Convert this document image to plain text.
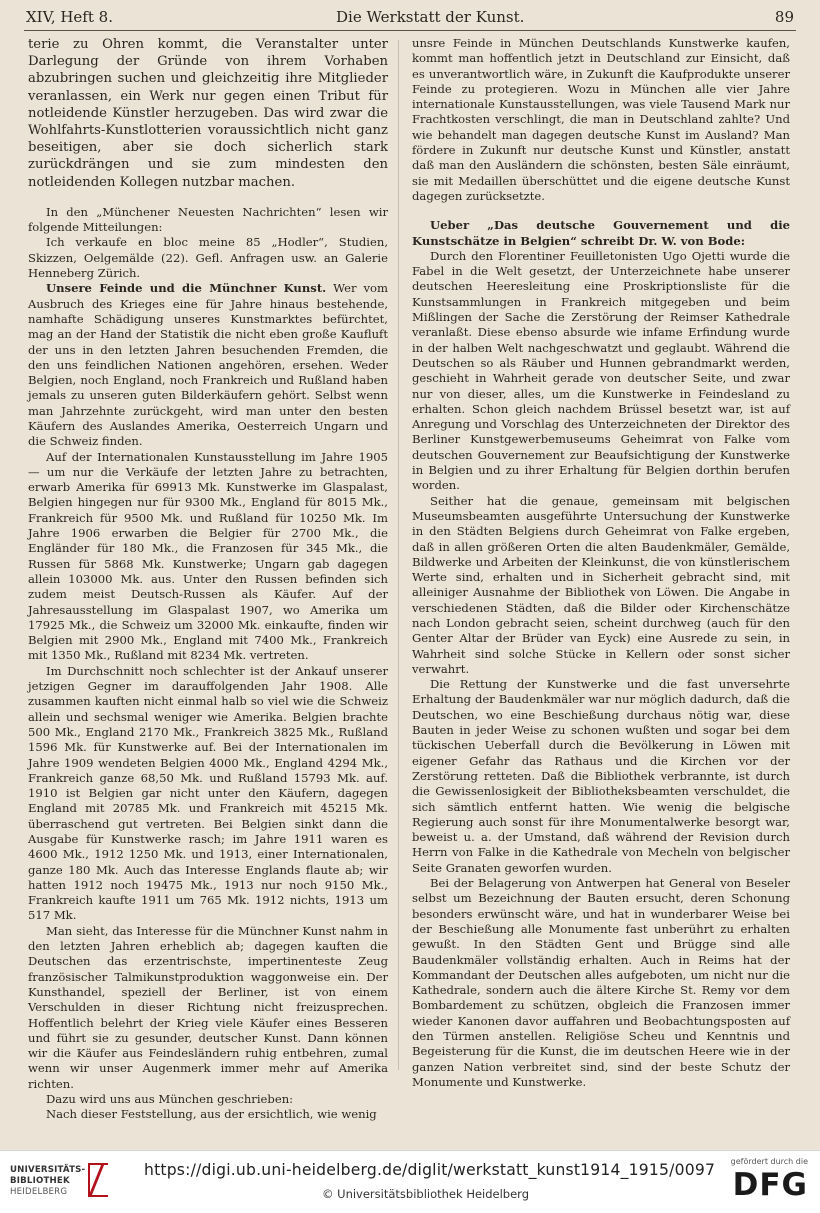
XIV, Heft 8.	Die Werkstatt der Kunst.	89

terie zu Ohren kommt, die Veranstalter unter Darlegung der Gründe von ihrem Vorhaben abzubringen suchen und gleichzeitig ihre Mitglieder veranlassen, ein Werk nur gegen einen Tribut für notleidende Künstler herzugeben. Das wird zwar die Wohlfahrts-Kunstlotterien voraussichtlich nicht ganz beseitigen, aber sie doch sicherlich stark zurückdrängen und sie zum mindesten den notleidenden Kollegen nutzbar machen.

In den „Münchener Neuesten Nachrichten“ lesen wir folgende Mitteilungen:

Ich verkaufe en bloc meine 85 „Hodler“, Studien, Skizzen, Oelgemälde (22). Gefl. Anfragen usw. an Galerie Henneberg Zürich.

Unsere Feinde und die Münchner Kunst. Wer vom Ausbruch des Krieges eine für Jahre hinaus bestehende, namhafte Schädigung unseres Kunstmarktes befürchtet, mag an der Hand der Statistik die nicht eben große Kaufluft der uns in den letzten Jahren besuchenden Fremden, die den uns feindlichen Nationen angehören, ersehen. Weder Belgien, noch England, noch Frankreich und Rußland haben jemals zu unseren guten Bilderkäufern gehört. Selbst wenn man Jahrzehnte zurückgeht, wird man unter den besten Käufern des Auslandes Amerika, Oesterreich Ungarn und die Schweiz finden.

Auf der Internationalen Kunstausstellung im Jahre 1905 — um nur die Verkäufe der letzten Jahre zu betrachten, erwarb Amerika für 69913 Mk. Kunstwerke im Glaspalast, Belgien hingegen nur für 9300 Mk., England für 8015 Mk., Frankreich für 9500 Mk. und Rußland für 10250 Mk. Im Jahre 1906 erwarben die Belgier für 2700 Mk., die Engländer für 180 Mk., die Franzosen für 345 Mk., die Russen für 5868 Mk. Kunstwerke; Ungarn gab dagegen allein 103000 Mk. aus. Unter den Russen befinden sich zudem meist Deutsch-Russen als Käufer. Auf der Jahresausstellung im Glaspalast 1907, wo Amerika um 17925 Mk., die Schweiz um 32000 Mk. einkaufte, finden wir Belgien mit 2900 Mk., England mit 7400 Mk., Frankreich mit 1350 Mk., Rußland mit 8234 Mk. vertreten.

Im Durchschnitt noch schlechter ist der Ankauf unserer jetzigen Gegner im darauffolgenden Jahr 1908. Alle zusammen kauften nicht einmal halb so viel wie die Schweiz allein und sechsmal weniger wie Amerika. Belgien brachte 500 Mk., England 2170 Mk., Frankreich 3825 Mk., Rußland 1596 Mk. für Kunstwerke auf. Bei der Internationalen im Jahre 1909 wendeten Belgien 4000 Mk., England 4294 Mk., Frankreich ganze 68,50 Mk. und Rußland 15793 Mk. auf. 1910 ist Belgien gar nicht unter den Käufern, dagegen England mit 20785 Mk. und Frankreich mit 45215 Mk. überraschend gut vertreten. Bei Belgien sinkt dann die Ausgabe für Kunstwerke rasch; im Jahre 1911 waren es 4600 Mk., 1912 1250 Mk. und 1913, einer Internationalen, ganze 180 Mk. Auch das Interesse Englands flaute ab; wir hatten 1912 noch 19475 Mk., 1913 nur noch 9150 Mk., Frankreich kaufte 1911 um 765 Mk. 1912 nichts, 1913 um 517 Mk.

Man sieht, das Interesse für die Münchner Kunst nahm in den letzten Jahren erheblich ab; dagegen kauften die Deutschen das erzentrischste, impertinenteste Zeug französischer Talmikunstproduktion waggonweise ein. Der Kunsthandel, speziell der Berliner, ist von einem Verschulden in dieser Richtung nicht freizusprechen. Hoffentlich belehrt der Krieg viele Käufer eines Besseren und führt sie zu gesunder, deutscher Kunst. Dann können wir die Käufer aus Feindesländern ruhig entbehren, zumal wenn wir unser Augenmerk immer mehr auf Amerika richten.

Dazu wird uns aus München geschrieben:

Nach dieser Feststellung, aus der ersichtlich, wie wenig

unsre Feinde in München Deutschlands Kunstwerke kaufen, kommt man hoffentlich jetzt in Deutschland zur Einsicht, daß es unverantwortlich wäre, in Zukunft die Kaufprodukte unserer Feinde zu protegieren. Wozu in München alle vier Jahre internationale Kunstausstellungen, was viele Tausend Mark nur Frachtkosten verschlingt, die man in Deutschland zahlte? Und wie behandelt man dagegen deutsche Kunst im Ausland? Man fördere in Zukunft nur deutsche Kunst und Künstler, anstatt daß man den Ausländern die schönsten, besten Säle einräumt, sie mit Medaillen überschüttet und die eigene deutsche Kunst dagegen zurücksetzte.

Ueber „Das deutsche Gouvernement und die Kunstschätze in Belgien“ schreibt Dr. W. von Bode:

Durch den Florentiner Feuilletonisten Ugo Ojetti wurde die Fabel in die Welt gesetzt, der Unterzeichnete habe unserer deutschen Heeresleitung eine Proskriptionsliste für die Kunstsammlungen in Frankreich mitgegeben und beim Mißlingen der Sache die Zerstörung der Reimser Kathedrale veranlaßt. Diese ebenso absurde wie infame Erfindung wurde in der halben Welt nachgeschwatzt und geglaubt. Während die Deutschen so als Räuber und Hunnen gebrandmarkt werden, geschieht in Wahrheit gerade von deutscher Seite, und zwar nur von dieser, alles, um die Kunstwerke in Feindesland zu erhalten. Schon gleich nachdem Brüssel besetzt war, ist auf Anregung und Vorschlag des Unterzeichneten der Direktor des Berliner Kunstgewerbemuseums Geheimrat von Falke vom deutschen Gouvernement zur Beaufsichtigung der Kunstwerke in Belgien und zu ihrer Erhaltung für Belgien dorthin berufen worden.

Seither hat die genaue, gemeinsam mit belgischen Museumsbeamten ausgeführte Untersuchung der Kunstwerke in den Städten Belgiens durch Geheimrat von Falke ergeben, daß in allen größeren Orten die alten Baudenkmäler, Gemälde, Bildwerke und Arbeiten der Kleinkunst, die von künstlerischem Werte sind, erhalten und in Sicherheit gebracht sind, mit alleiniger Ausnahme der Bibliothek von Löwen. Die Angabe in verschiedenen Städten, daß die Bilder oder Kirchenschätze nach London gebracht seien, scheint durchweg (auch für den Genter Altar der Brüder van Eyck) eine Ausrede zu sein, in Wahrheit sind solche Stücke in Kellern oder sonst sicher verwahrt.

Die Rettung der Kunstwerke und die fast unversehrte Erhaltung der Baudenkmäler war nur möglich dadurch, daß die Deutschen, wo eine Beschießung durchaus nötig war, diese Bauten in jeder Weise zu schonen wußten und sogar bei dem tückischen Ueberfall durch die Bevölkerung in Löwen mit eigener Gefahr das Rathaus und die Kirchen vor der Zerstörung retteten. Daß die Bibliothek verbrannte, ist durch die Gewissenlosigkeit der Bibliotheksbeamten verschuldet, die sich sämtlich entfernt hatten. Wie wenig die belgische Regierung auch sonst für ihre Monumentalwerke besorgt war, beweist u. a. der Umstand, daß während der Revision durch Herrn von Falke in die Kathedrale von Mecheln von belgischer Seite Granaten geworfen wurden.

Bei der Belagerung von Antwerpen hat General von Beseler selbst um Bezeichnung der Bauten ersucht, deren Schonung besonders erwünscht wäre, und hat in wunderbarer Weise bei der Beschießung alle Monumente fast unberührt zu erhalten gewußt. In den Städten Gent und Brügge sind alle Baudenkmäler vollständig erhalten. Auch in Reims hat der Kommandant der Deutschen alles aufgeboten, um nicht nur die Kathedrale, sondern auch die ältere Kirche St. Remy vor dem Bombardement zu schützen, obgleich die Franzosen immer wieder Kanonen davor auffahren und Beobachtungsposten auf den Türmen anstellen. Religiöse Scheu und Kenntnis und Begeisterung für die Kunst, die im deutschen Heere wie in der ganzen Nation verbreitet sind, sind der beste Schutz der Monumente und Kunstwerke.

UNIVERSITÄTS-
BIBLIOTHEK
HEIDELBERG
https://digi.ub.uni-heidelberg.de/diglit/werkstatt_kunst1914_1915/0097
© Universitätsbibliothek Heidelberg
gefördert durch die
DFG
